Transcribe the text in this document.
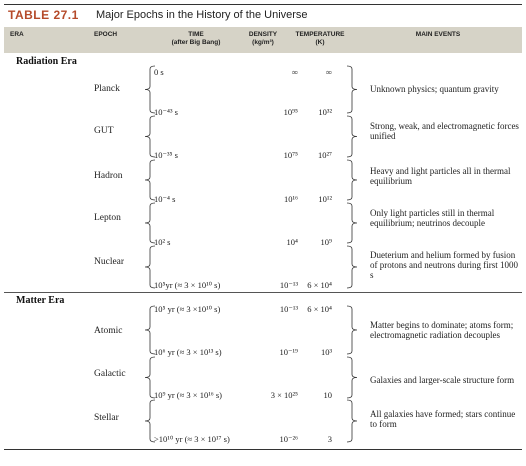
TABLE 27.1 Major Epochs in the History of the Universe
ERA	EPOCH	TIME
(after Big Bang)
DENSITY
(kg/m³)
TEMPERATURE
(K)
MAIN EVENTS
Radiation Era
Planck
GUT
Hadron
Lepton
Nuclear
0 s
10⁻⁴³ s
10⁻³⁵ s
10⁻⁴ s
10² s
10⁵yr (≈ 3 × 10¹⁰ s)
∞
10⁹⁵
10⁷⁵
10¹⁶
10⁴
10⁻¹³
∞
10³²
10²⁷
10¹²
10⁹
6 × 10⁴
Unknown physics; quantum gravity
Strong, weak, and electromagnetic forces unified
Heavy and light particles all in thermal equilibrium
Only light particles still in thermal equilibrium; neutrinos decouple
Dueterium and helium formed by fusion of protons and neutrons during first 1000 s
Matter Era
Atomic
Galactic
Stellar
10⁵ yr (≈ 3 ×10¹⁰ s)
10⁶ yr (≈ 3 × 10¹³ s)
10⁹ yr (≈ 3 × 10¹⁶ s)
>10¹⁰ yr (≈ 3 × 10¹⁷ s)
10⁻¹³
10⁻¹⁹
3 × 10²⁵
10⁻²⁶
6 × 10⁴
10³
10
3
Matter begins to dominate; atoms form; electromagnetic radiation decouples
Galaxies and larger-scale structure form
All galaxies have formed; stars continue to form
